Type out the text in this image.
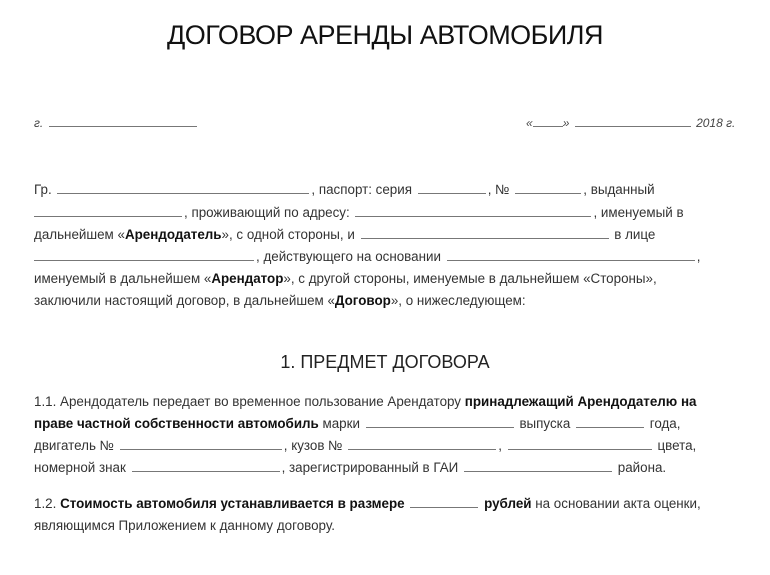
ДОГОВОР АРЕНДЫ АВТОМОБИЛЯ
г.	«	»	2018 г.
Гр.	, паспорт: серия	, №	, выданный
, проживающий по адресу:	, именуемый в
дальнейшем «Арендодатель», с одной стороны, и	в лице
, действующего на основании	,
именуемый в дальнейшем «Арендатор», с другой стороны, именуемые в дальнейшем «Стороны»,
заключили настоящий договор, в дальнейшем «Договор», о нижеследующем:
1. ПРЕДМЕТ ДОГОВОРА
1.1. Арендодатель передает во временное пользование Арендатору принадлежащий Арендодателю на
праве частной собственности автомобиль марки	выпуска	года,
двигатель №	, кузов №	,	цвета,
номерной знак	, зарегистрированный в ГАИ	района.
1.2. Стоимость автомобиля устанавливается в размере	рублей на основании акта оценки,
являющимся Приложением к данному договору.
